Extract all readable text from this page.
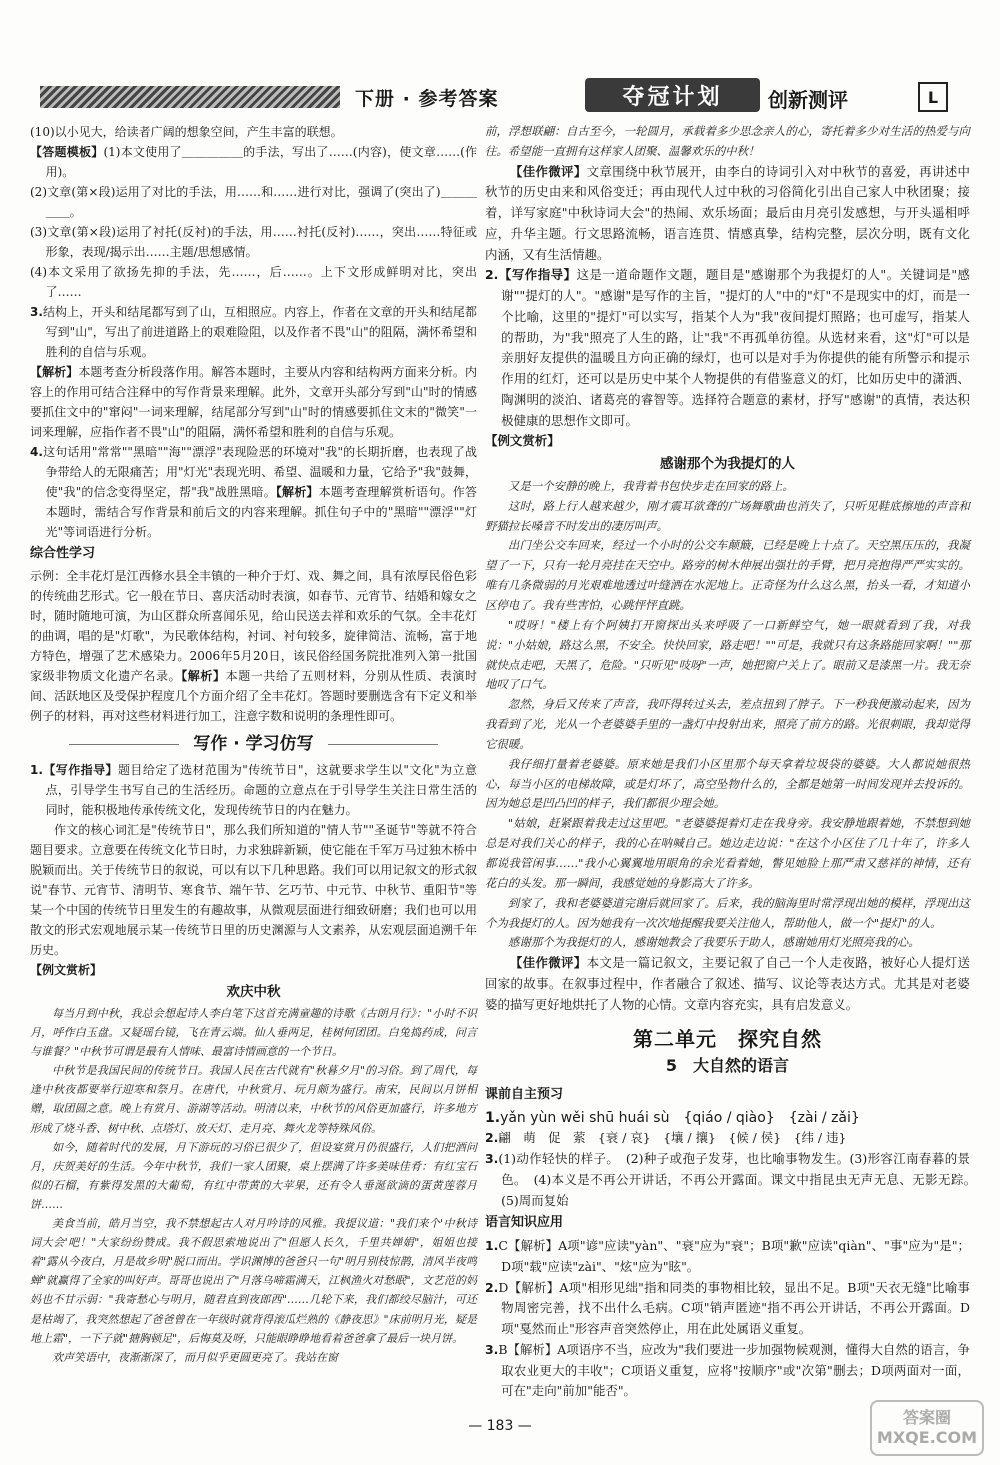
下册 · 参考答案	夺冠计划	创新测评	L

(10)以小见大，给读者广阔的想象空间，产生丰富的联想。

【答题模板】(1)本文使用了＿＿＿＿＿的手法，写出了……(内容)，使文章……(作用)。

(2)文章(第×段)运用了对比的手法，用……和……进行对比，强调了(突出了)＿＿＿＿＿。

(3)文章(第×段)运用了衬托(反衬)的手法，用……衬托(反衬)……，突出……特征或形象，表现/揭示出……主题/思想感情。

(4)本文采用了欲扬先抑的手法，先……，后……。上下文形成鲜明对比，突出了……

3.结构上，开头和结尾都写到了山，互相照应。内容上，作者在文章的开头和结尾都写到"山"，写出了前进道路上的艰难险阻，以及作者不畏"山"的阻隔，满怀希望和胜利的自信与乐观。

【解析】本题考查分析段落作用。解答本题时，主要从内容和结构两方面来分析。内容上的作用可结合注释中的写作背景来理解。此外，文章开头部分写到"山"时的情感要抓住文中的"窜闷"一词来理解，结尾部分写到"山"时的情感要抓住文末的"微笑"一词来理解，应指作者不畏"山"的阻隔，满怀希望和胜利的自信与乐观。

4.这句话用"常常""黑暗""海""漂浮"表现险恶的环境对"我"的长期折磨，也表现了战争带给人的无限痛苦；用"灯光"表现光明、希望、温暖和力量，它给予"我"鼓舞，使"我"的信念变得坚定，帮"我"战胜黑暗。【解析】本题考查理解赏析语句。作答本题时，需结合写作背景和前后文的内容来理解。抓住句子中的"黑暗""漂浮""灯光"等词语进行分析。

综合性学习

示例：全丰花灯是江西修水县全丰镇的一种介于灯、戏、舞之间，具有浓厚民俗色彩的传统曲艺形式。它一般在节日、喜庆活动时表演，如春节、元宵节、结婚和嫁女之时，随时随地可演，为山区群众所喜闻乐见，给山民送去祥和欢乐的气氛。全丰花灯的曲调，唱的是"灯歌"，为民歌体结构，衬词、衬句较多，旋律简洁、流畅，富于地方特色，增强了艺术感染力。2006年5月20日，该民俗经国务院批准列入第一批国家级非物质文化遗产名录。【解析】本题一共给了五则材料，分别从性质、表演时间、活跃地区及受保护程度几个方面介绍了全丰花灯。答题时要删选含有下定义和举例子的材料，再对这些材料进行加工，注意字数和说明的条理性即可。

写作 · 学习仿写

1.【写作指导】题目给定了选材范围为"传统节日"，这就要求学生以"文化"为立意点，引导学生书写自己的生活经历。命题的立意点在于引导学生关注日常生活的同时，能积极地传承传统文化，发现传统节日的内在魅力。

作文的核心词汇是"传统节日"，那么我们所知道的"情人节""圣诞节"等就不符合题目要求。立意要在传统文化节日时，力求独辟新颖，使它能在千军万马过独木桥中脱颖而出。关于传统节日的叙说，可以有以下几种思路。我们可以用记叙文的形式叙说"春节、元宵节、清明节、寒食节、端午节、乞巧节、中元节、中秋节、重阳节"等某一个中国的传统节日里发生的有趣故事，从微观层面进行细致研磨；我们也可以用散文的形式宏观地展示某一传统节日里的历史渊源与人文素养，从宏观层面追溯千年历史。

【例文赏析】
欢庆中秋

每当月到中秋，我总会想起诗人李白笔下这首充满童趣的诗歌《古朗月行》："小时不识月，呼作白玉盘。又疑瑶台镜，飞在青云端。仙人垂两足，桂树何团团。白兔捣药成，问言与谁餐？"中秋节可谓是最有人情味、最富诗情画意的一个节日。

中秋节是我国民间的传统节日。我国人民在古代就有"秋暮夕月"的习俗。到了周代，每逢中秋夜都要举行迎寒和祭月。在唐代，中秋赏月、玩月颇为盛行。南宋，民间以月饼相赠，取团圆之意。晚上有赏月、游湖等活动。明清以来，中秋节的风俗更加盛行，许多地方形成了烧斗香、树中秋、点塔灯、放天灯、走月亮、舞火龙等特殊风俗。

如今，随着时代的发展，月下游玩的习俗已很少了，但设宴赏月仍很盛行，人们把酒问月，庆贺美好的生活。今年中秋节，我们一家人团聚，桌上摆满了许多美味佳肴：有红宝石似的石榴，有紫得发黑的大葡萄，有红中带黄的大苹果，还有令人垂涎欲滴的蛋黄莲蓉月饼……

美食当前，皓月当空，我不禁想起古人对月吟诗的风雅。我提议道："我们来个'中秋诗词大会'吧！"大家纷纷赞成。我不假思索地说出了"但愿人长久，千里共婵娟"，姐姐也接着"露从今夜白，月是故乡明"脱口而出。学识渊博的爸爸只一句"明月别枝惊鹊，清风半夜鸣蝉"就赢得了全家的叫好声。哥哥也说出了"月落乌啼霜满天，江枫渔火对愁眠"，文艺范的妈妈也不甘示弱："我寄愁心与明月，随君直到夜郎西"……几轮下来，我们都绞尽脑汁，可还是枯竭了，我突然想起了爸爸曾在一年级时就背得滚瓜烂熟的《静夜思》"床前明月光，疑是地上霜"，一下子就"搪胸顿足"，后悔莫及呀，只能眼睁睁地看着爸爸拿了最后一块月饼。

欢声笑语中，夜渐渐深了，而月似乎更圆更亮了。我站在窗

前，浮想联翩：自古至今，一轮圆月，承载着多少思念亲人的心，寄托着多少对生活的热爱与向往。希望能一直拥有这样家人团聚、温馨欢乐的中秋！

【佳作微评】文章围绕中秋节展开，由李白的诗词引入对中秋节的喜爱，再讲述中秋节的历史由来和风俗变迁；再由现代人过中秋的习俗简化引出自己家人中秋团聚；接着，详写家庭"中秋诗词大会"的热闹、欢乐场面；最后由月亮引发感想，与开头遥相呼应，升华主题。行文思路流畅，语言连贯、情感真挚，结构完整，层次分明，既有文化内涵，又有生活情趣。

2.【写作指导】这是一道命题作文题，题目是"感谢那个为我提灯的人"。关键词是"感谢""提灯的人"。"感谢"是写作的主旨，"提灯的人"中的"灯"不是现实中的灯，而是一个比喻，这里的"提灯"可以实写，指某个人为"我"夜间提灯照路；也可虚写，指某人的帮助，为"我"照亮了人生的路，让"我"不再孤单彷徨。从选材来看，这"灯"可以是亲朋好友提供的温暖且方向正确的绿灯，也可以是对手为你提供的能有所警示和提示作用的红灯，还可以是历史中某个人物提供的有借鉴意义的灯，比如历史中的潇洒、陶渊明的淡泊、诸葛亮的睿智等。选择符合题意的素材，抒写"感谢"的真情，表达积极健康的思想作文即可。

【例文赏析】
感谢那个为我提灯的人

又是一个安静的晚上，我背着书包快步走在回家的路上。

这时，路上行人越来越少，刚才震耳欲聋的广场舞歌曲也消失了，只听见鞋底擦地的声音和野猫拉长嗓音不时发出的凄厉叫声。

出门坐公交车回来，经过一个小时的公交车颠簸，已经是晚上十点了。天空黑压压的，我凝望了一下，只有一轮月亮挂在天空中。路旁的树木伸展出强壮的手臂，把月亮抱得严严实实的。唯有几条微弱的月光艰难地透过叶缝洒在水泥地上。正奇怪为什么这么黑，抬头一看，才知道小区停电了。我有些害怕，心跳怦怦直跳。

"哎呀！"楼上有个阿姨打开窗探出头来呼吸了一口新鲜空气，她一眼就看到了我，对我说："小姑娘，路这么黑，不安全。快快回家，路走吧！""可是，我就只有这条路能回家啊！""那就快点走吧，天黑了，危险。"只听见"吱呀"一声，她把窗户关上了。眼前又是漆黑一片。我无奈地叹了口气。

忽然，身后又传来了声音，我吓得转过头去，差点扭到了脖子。下一秒我便激动起来，因为我看到了光，光从一个老婆婆手里的一盏灯中投射出来，照亮了前方的路。光很刺眼，我却觉得它很暖。

我仔细打量着老婆婆。原来她是我们小区里那个每天拿着垃圾袋的婆婆。大人都说她很热心，每当小区的电梯故障，或是灯坏了，高空坠物什么的，全都是她第一时间发现并去投诉的。因为她总是凹凸凹的样子，我们都很少理会她。

"姑娘，赶紧跟着我走过这里吧。"老婆婆提着灯走在我身旁。我安静地跟着她，不禁想到她总是对我们关心的样子，我的心在呐喊自己。她边走边说："在这个小区住了几十年了，许多人都说我管闲事……"我小心翼翼地用眼角的余光看着她，瞥见她脸上那严肃又慈祥的神情，还有花白的头发。那一瞬间，我感觉她的身影高大了许多。

到家了，我和老婆婆道完谢后就回家了。后来，我的脑海里时常浮现出她的模样，浮现出这个为我提灯的人。因为她我有一次次地提醒我要关注他人，帮助他人，做一个"提灯"的人。

感谢那个为我提灯的人，感谢她教会了我要乐于助人，感谢她用灯光照亮我的心。

【佳作微评】本文是一篇记叙文，主要记叙了自己一个人走夜路，被好心人提灯送回家的故事。在叙事过程中，作者融合了叙述、描写、议论等表达方式。尤其是对老婆婆的描写更好地烘托了人物的心情。文章内容充实，具有启发意义。

第二单元　探究自然
5　大自然的语言
课前自主预习

1.yǎn yùn wěi shū huái sù　{qiáo / qiào}　{zài / zǎi}

2.翩　萌　促　萦　{衰 / 哀}　{壤 / 攘}　{候 / 侯}　{纬 / 违}

3.(1)动作轻快的样子。　(2)种子或孢子发芽，也比喻事物发生。(3)形容江南春暮的景色。　(4)本义是不再公开讲话，不再公开露面。课文中指昆虫无声无息、无影无踪。　(5)周而复始

语言知识应用

1.C【解析】A项"谚"应读"yàn"、"衰"应为"衰"；B项"歉"应读"qiàn"、"事"应为"是"；D项"载"应读"zài"、"炫"应为"眩"。

2.D【解析】A项"相形见绌"指和同类的事物相比较，显出不足。B项"天衣无缝"比喻事物周密完善，找不出什么毛病。C项"销声匿迹"指不再公开讲话，不再公开露面。D项"戛然而止"形容声音突然停止，用在此处属语义重复。

3.B【解析】A项语序不当，应改为"我们要进一步加强物候观测，懂得大自然的语言，争取农业更大的丰收"；C项语义重复，应将"按顺序"或"次第"删去；D项两面对一面，可在"走向"前加"能否"。

— 183 —	答案圈
MXQE.COM
